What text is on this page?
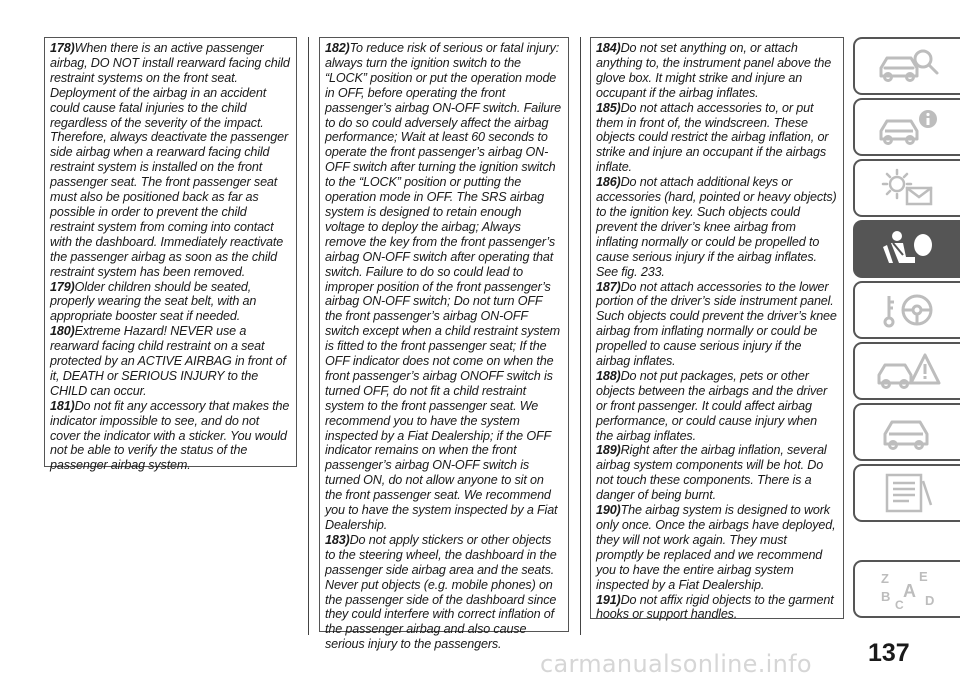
178)When there is an active passenger airbag, DO NOT install rearward facing child restraint systems on the front seat. Deployment of the airbag in an accident could cause fatal injuries to the child regardless of the severity of the impact. Therefore, always deactivate the passenger side airbag when a rearward facing child restraint system is installed on the front passenger seat. The front passenger seat must also be positioned back as far as possible in order to prevent the child restraint system from coming into contact with the dashboard. Immediately reactivate the passenger airbag as soon as the child restraint system has been removed.

179)Older children should be seated, properly wearing the seat belt, with an appropriate booster seat if needed.

180)Extreme Hazard! NEVER use a rearward facing child restraint on a seat protected by an ACTIVE AIRBAG in front of it, DEATH or SERIOUS INJURY to the CHILD can occur.

181)Do not fit any accessory that makes the indicator impossible to see, and do not cover the indicator with a sticker. You would not be able to verify the status of the passenger airbag system.

182)To reduce risk of serious or fatal injury: always turn the ignition switch to the “LOCK” position or put the operation mode in OFF, before operating the front passenger’s airbag ON-OFF switch. Failure to do so could adversely affect the airbag performance; Wait at least 60 seconds to operate the front passenger’s airbag ON-OFF switch after turning the ignition switch to the “LOCK” position or putting the operation mode in OFF. The SRS airbag system is designed to retain enough voltage to deploy the airbag; Always remove the key from the front passenger’s airbag ON-OFF switch after operating that switch. Failure to do so could lead to improper position of the front passenger’s airbag ON-OFF switch; Do not turn OFF the front passenger’s airbag ON-OFF switch except when a child restraint system is fitted to the front passenger seat; If the OFF indicator does not come on when the front passenger’s airbag ONOFF switch is turned OFF, do not fit a child restraint system to the front passenger seat. We recommend you to have the system inspected by a Fiat Dealership; if the OFF indicator remains on when the front passenger’s airbag ON-OFF switch is turned ON, do not allow anyone to sit on the front passenger seat. We recommend you to have the system inspected by a Fiat Dealership.

183)Do not apply stickers or other objects to the steering wheel, the dashboard in the passenger side airbag area and the seats. Never put objects (e.g. mobile phones) on the passenger side of the dashboard since they could interfere with correct inflation of the passenger airbag and also cause serious injury to the passengers.

184)Do not set anything on, or attach anything to, the instrument panel above the glove box. It might strike and injure an occupant if the airbag inflates.

185)Do not attach accessories to, or put them in front of, the windscreen. These objects could restrict the airbag inflation, or strike and injure an occupant if the airbags inflate.

186)Do not attach additional keys or accessories (hard, pointed or heavy objects) to the ignition key. Such objects could prevent the driver’s knee airbag from inflating normally or could be propelled to cause serious injury if the airbag inflates. See fig. 233.

187)Do not attach accessories to the lower portion of the driver’s side instrument panel. Such objects could prevent the driver’s knee airbag from inflating normally or could be propelled to cause serious injury if the airbag inflates.

188)Do not put packages, pets or other objects between the airbags and the driver or front passenger. It could affect airbag performance, or could cause injury when the airbag inflates.

189)Right after the airbag inflation, several airbag system components will be hot. Do not touch these components. There is a danger of being burnt.

190)The airbag system is designed to work only once. Once the airbags have deployed, they will not work again. They must promptly be replaced and we recommend you to have the entire airbag system inspected by a Fiat Dealership.

191)Do not affix rigid objects to the garment hooks or support handles.

Z E
A
B
C D
137
carmanualsonline.info
